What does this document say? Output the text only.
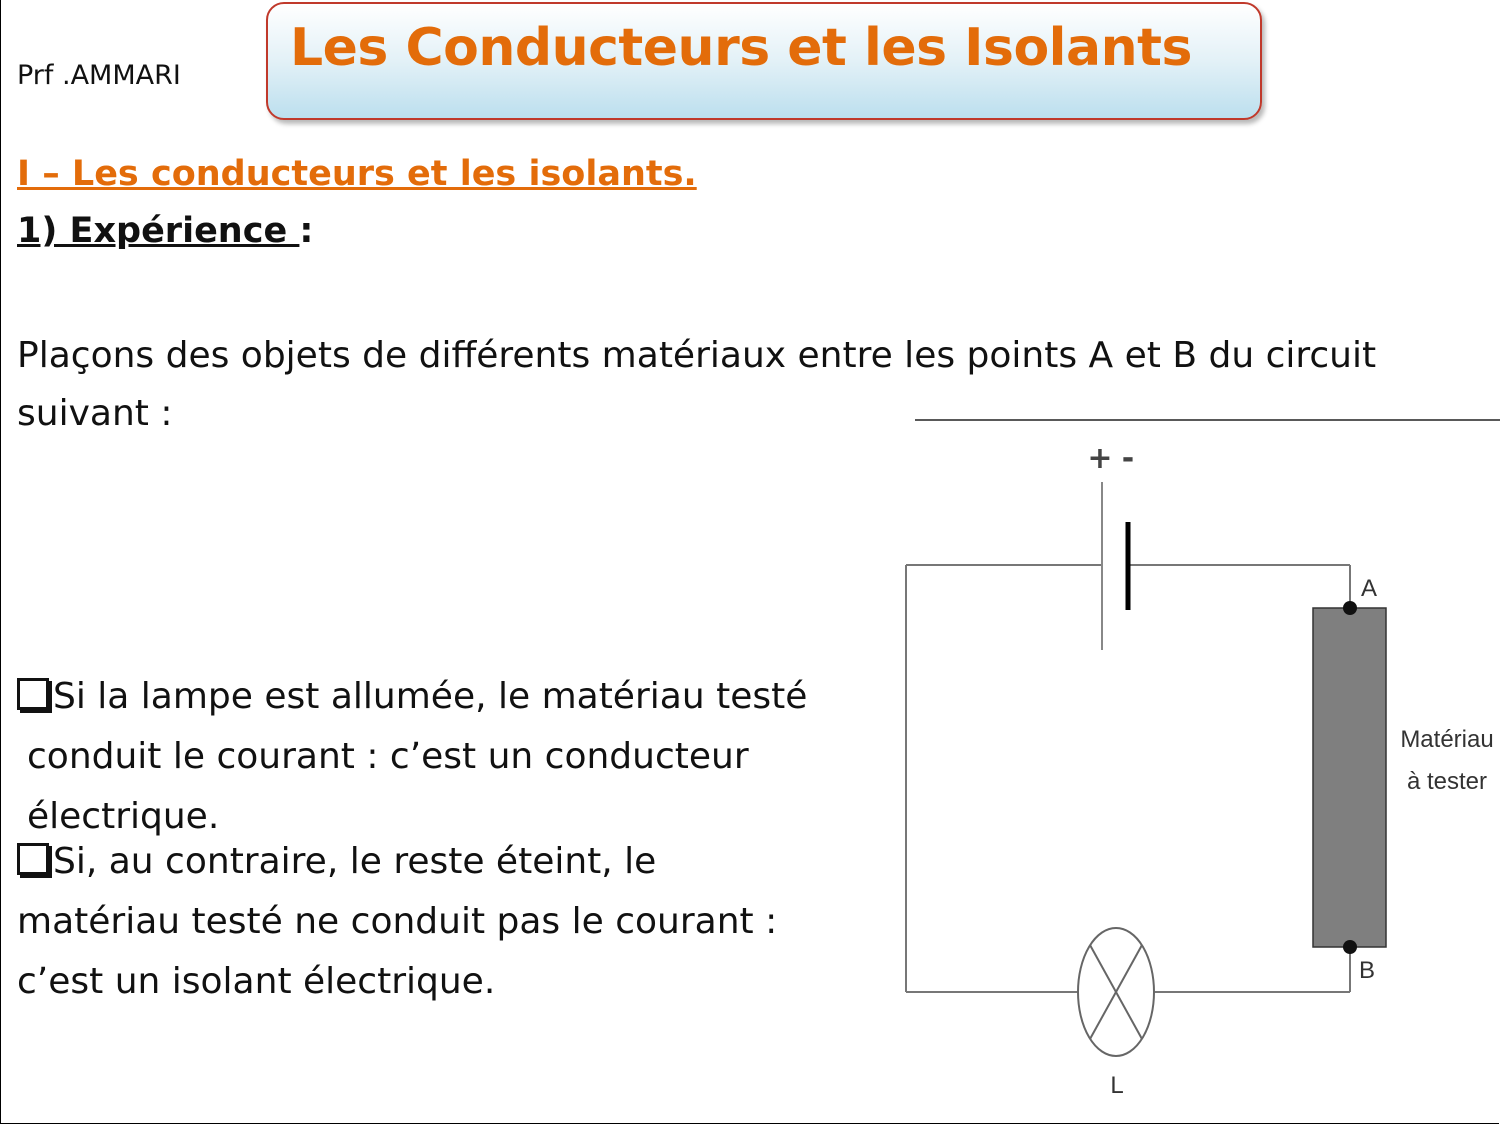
Prf .AMMARI Les Conducteurs et les Isolants
I – Les conducteurs et les isolants.
1) Expérience :
Plaçons des objets de différents matériaux entre les points A et B du circuit suivant :
Si la lampe est allumée, le matériau testé
conduit le courant : c’est un conducteur électrique.
Si, au contraire, le reste éteint, le matériau testé ne conduit pas le courant : c’est un isolant électrique.
+ -
A
B
Matériau
à tester
L
